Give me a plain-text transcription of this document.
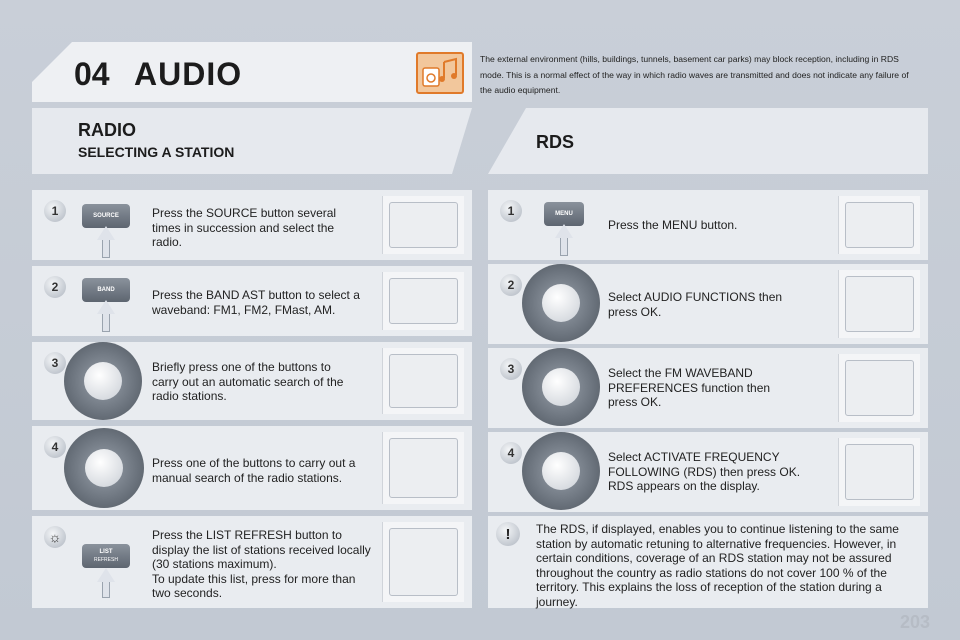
04 AUDIO	The external environment (hills, buildings, tunnels, basement car parks) may block reception, including in RDS mode. This is a normal effect of the way in which radio waves are transmitted and does not indicate any failure of the audio equipment.
RADIO
SELECTING A STATION	RDS
1	SOURCE	Press the SOURCE button several times in succession and select the radio.
2	BAND	Press the BAND AST button to select a waveband: FM1, FM2, FMast, AM.
3	Briefly press one of the buttons to carry out an automatic search of the radio stations.
4
Press one of the buttons to carry out a manual search of the radio stations.
☼
LIST
REFRESH
Press the LIST REFRESH button to display the list of stations received locally (30 stations maximum).
To update this list, press for more than two seconds.
1	MENU
Press the MENU button.
2
Select AUDIO FUNCTIONS then press OK.
3	Select the FM WAVEBAND PREFERENCES function then press OK.
4	Select ACTIVATE FREQUENCY FOLLOWING (RDS) then press OK.
RDS appears on the display.
The RDS, if displayed, enables you to continue listening to the same station by automatic retuning to alternative frequencies. However, in certain conditions, coverage of an RDS station may not be assured throughout the country as radio stations do not cover 100 % of the territory. This explains the loss of reception of the station during a journey.
!
203
